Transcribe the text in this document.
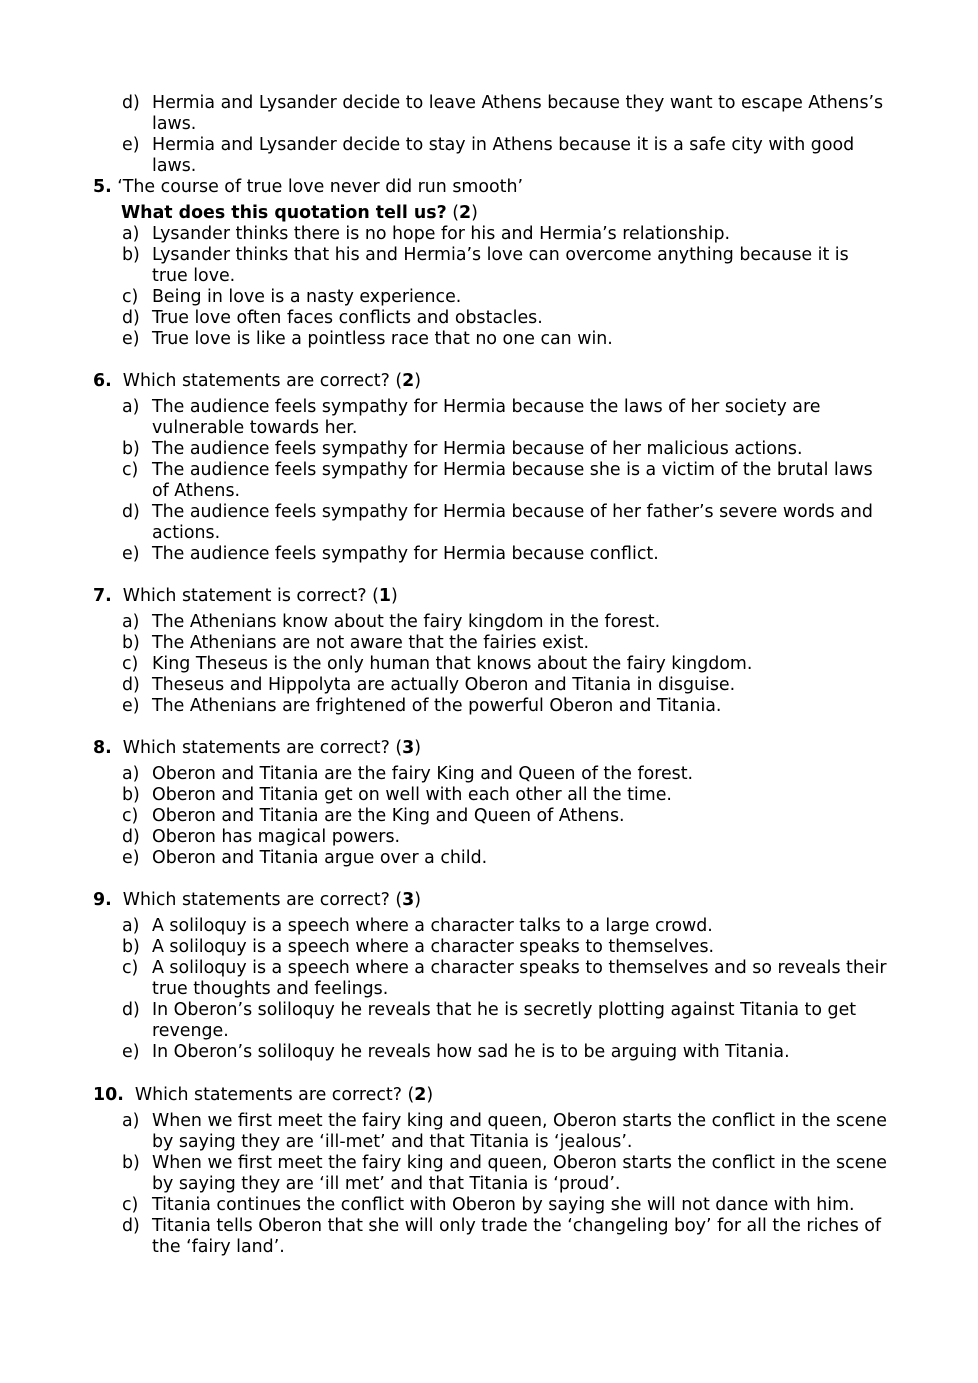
d) Hermia and Lysander decide to leave Athens because they want to escape Athens’s laws.
e) Hermia and Lysander decide to stay in Athens because it is a safe city with good laws.
5. ‘The course of true love never did run smooth’
What does this quotation tell us? (2)
a) Lysander thinks there is no hope for his and Hermia’s relationship.
b) Lysander thinks that his and Hermia’s love can overcome anything because it is true love.
c) Being in love is a nasty experience.
d) True love often faces conflicts and obstacles.
e) True love is like a pointless race that no one can win.
6. Which statements are correct? (2)
a) The audience feels sympathy for Hermia because the laws of her society are vulnerable towards her.
b) The audience feels sympathy for Hermia because of her malicious actions.
c) The audience feels sympathy for Hermia because she is a victim of the brutal laws of Athens.
d) The audience feels sympathy for Hermia because of her father’s severe words and actions.
e) The audience feels sympathy for Hermia because conflict.
7. Which statement is correct? (1)
a) The Athenians know about the fairy kingdom in the forest.
b) The Athenians are not aware that the fairies exist.
c) King Theseus is the only human that knows about the fairy kingdom.
d) Theseus and Hippolyta are actually Oberon and Titania in disguise.
e) The Athenians are frightened of the powerful Oberon and Titania.
8. Which statements are correct? (3)
a) Oberon and Titania are the fairy King and Queen of the forest.
b) Oberon and Titania get on well with each other all the time.
c) Oberon and Titania are the King and Queen of Athens.
d) Oberon has magical powers.
e) Oberon and Titania argue over a child.
9. Which statements are correct? (3)
a) A soliloquy is a speech where a character talks to a large crowd.
b) A soliloquy is a speech where a character speaks to themselves.
c) A soliloquy is a speech where a character speaks to themselves and so reveals their true thoughts and feelings.
d) In Oberon’s soliloquy he reveals that he is secretly plotting against Titania to get revenge.
e) In Oberon’s soliloquy he reveals how sad he is to be arguing with Titania.
10. Which statements are correct? (2)
a) When we first meet the fairy king and queen, Oberon starts the conflict in the scene by saying they are ‘ill-met’ and that Titania is ‘jealous’.
b) When we first meet the fairy king and queen, Oberon starts the conflict in the scene by saying they are ‘ill met’ and that Titania is ‘proud’.
c) Titania continues the conflict with Oberon by saying she will not dance with him.
d) Titania tells Oberon that she will only trade the ‘changeling boy’ for all the riches of the ‘fairy land’.
